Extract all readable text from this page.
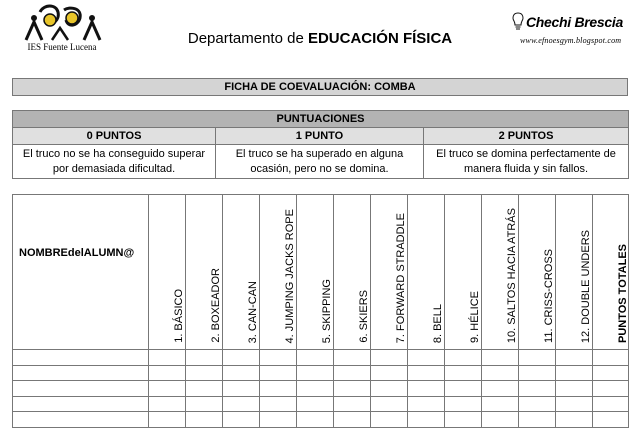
IES Fuente Lucena	Departamento de EDUCACIÓN FÍSICA
Chechi Brescia
www.efnoesgym.blogspot.com
FICHA DE COEVALUACIÓN: COMBA
PUNTUACIONES		
0 PUNTOS	1 PUNTO	2 PUNTOS
El truco no se ha conseguido superar por demasiada dificultad.	El truco se ha superado en alguna ocasión, pero no se domina.	El truco se domina perfectamente de manera fluida y sin fallos.
NOMBREdelALUMN@	1. BÁSICO	2. BOXEADOR	3. CAN-CAN	4. JUMPING JACKS ROPE	5. SKIPPING	6. SKIERS	7. FORWARD STRADDLE	8. BELL	9. HÉLICE	10. SALTOS HACIA ATRÁS	11. CRISS-CROSS	12. DOUBLE UNDERS	PUNTOS TOTALES
